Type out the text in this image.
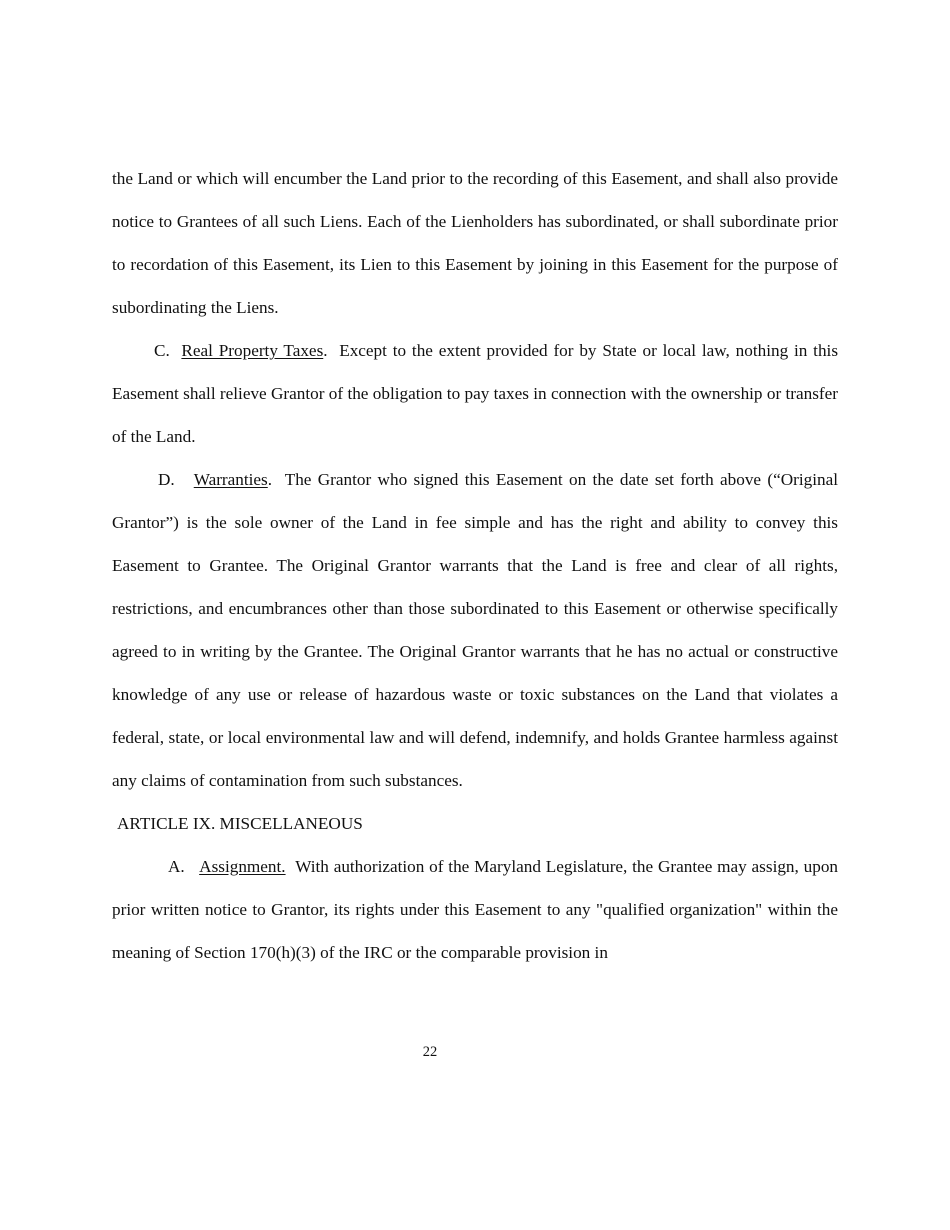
the Land or which will encumber the Land prior to the recording of this Easement, and shall also provide notice to Grantees of all such Liens. Each of the Lienholders has subordinated, or shall subordinate prior to recordation of this Easement, its Lien to this Easement by joining in this Easement for the purpose of subordinating the Liens.

C. Real Property Taxes. Except to the extent provided for by State or local law, nothing in this Easement shall relieve Grantor of the obligation to pay taxes in connection with the ownership or transfer of the Land.

D. Warranties. The Grantor who signed this Easement on the date set forth above (“Original Grantor”) is the sole owner of the Land in fee simple and has the right and ability to convey this Easement to Grantee. The Original Grantor warrants that the Land is free and clear of all rights, restrictions, and encumbrances other than those subordinated to this Easement or otherwise specifically agreed to in writing by the Grantee. The Original Grantor warrants that he has no actual or constructive knowledge of any use or release of hazardous waste or toxic substances on the Land that violates a federal, state, or local environmental law and will defend, indemnify, and holds Grantee harmless against any claims of contamination from such substances.

ARTICLE IX. MISCELLANEOUS

A. Assignment. With authorization of the Maryland Legislature, the Grantee may assign, upon prior written notice to Grantor, its rights under this Easement to any "qualified organization" within the meaning of Section 170(h)(3) of the IRC or the comparable provision in

22
